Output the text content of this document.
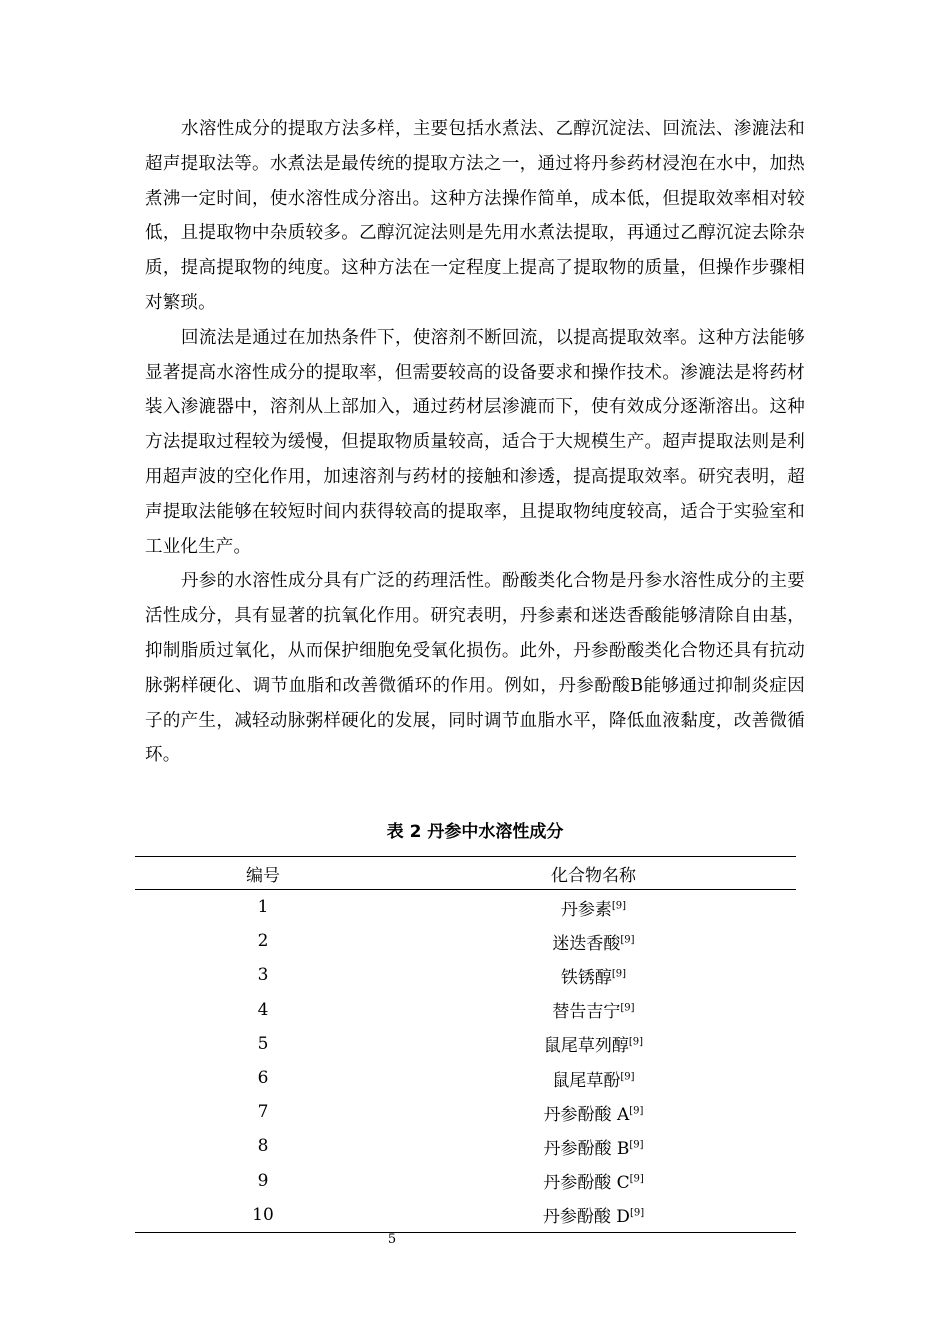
水溶性成分的提取方法多样，主要包括水煮法、乙醇沉淀法、回流法、渗漉法和超声提取法等。水煮法是最传统的提取方法之一，通过将丹参药材浸泡在水中，加热煮沸一定时间，使水溶性成分溶出。这种方法操作简单，成本低，但提取效率相对较低，且提取物中杂质较多。乙醇沉淀法则是先用水煮法提取，再通过乙醇沉淀去除杂质，提高提取物的纯度。这种方法在一定程度上提高了提取物的质量，但操作步骤相对繁琐。

回流法是通过在加热条件下，使溶剂不断回流，以提高提取效率。这种方法能够显著提高水溶性成分的提取率，但需要较高的设备要求和操作技术。渗漉法是将药材装入渗漉器中，溶剂从上部加入，通过药材层渗漉而下，使有效成分逐渐溶出。这种方法提取过程较为缓慢，但提取物质量较高，适合于大规模生产。超声提取法则是利用超声波的空化作用，加速溶剂与药材的接触和渗透，提高提取效率。研究表明，超声提取法能够在较短时间内获得较高的提取率，且提取物纯度较高，适合于实验室和工业化生产。

丹参的水溶性成分具有广泛的药理活性。酚酸类化合物是丹参水溶性成分的主要活性成分，具有显著的抗氧化作用。研究表明，丹参素和迷迭香酸能够清除自由基，抑制脂质过氧化，从而保护细胞免受氧化损伤。此外，丹参酚酸类化合物还具有抗动脉粥样硬化、调节血脂和改善微循环的作用。例如，丹参酚酸B能够通过抑制炎症因子的产生，减轻动脉粥样硬化的发展，同时调节血脂水平，降低血液黏度，改善微循环。

表 2 丹参中水溶性成分
编号	化合物名称
1	丹参素[9]
2	迷迭香酸[9]
3	铁锈醇[9]
4	替告吉宁[9]
5	鼠尾草列醇[9]
6	鼠尾草酚[9]
7	丹参酚酸 A[9]
8	丹参酚酸 B[9]
9	丹参酚酸 C[9]
10	丹参酚酸 D[9]
5
